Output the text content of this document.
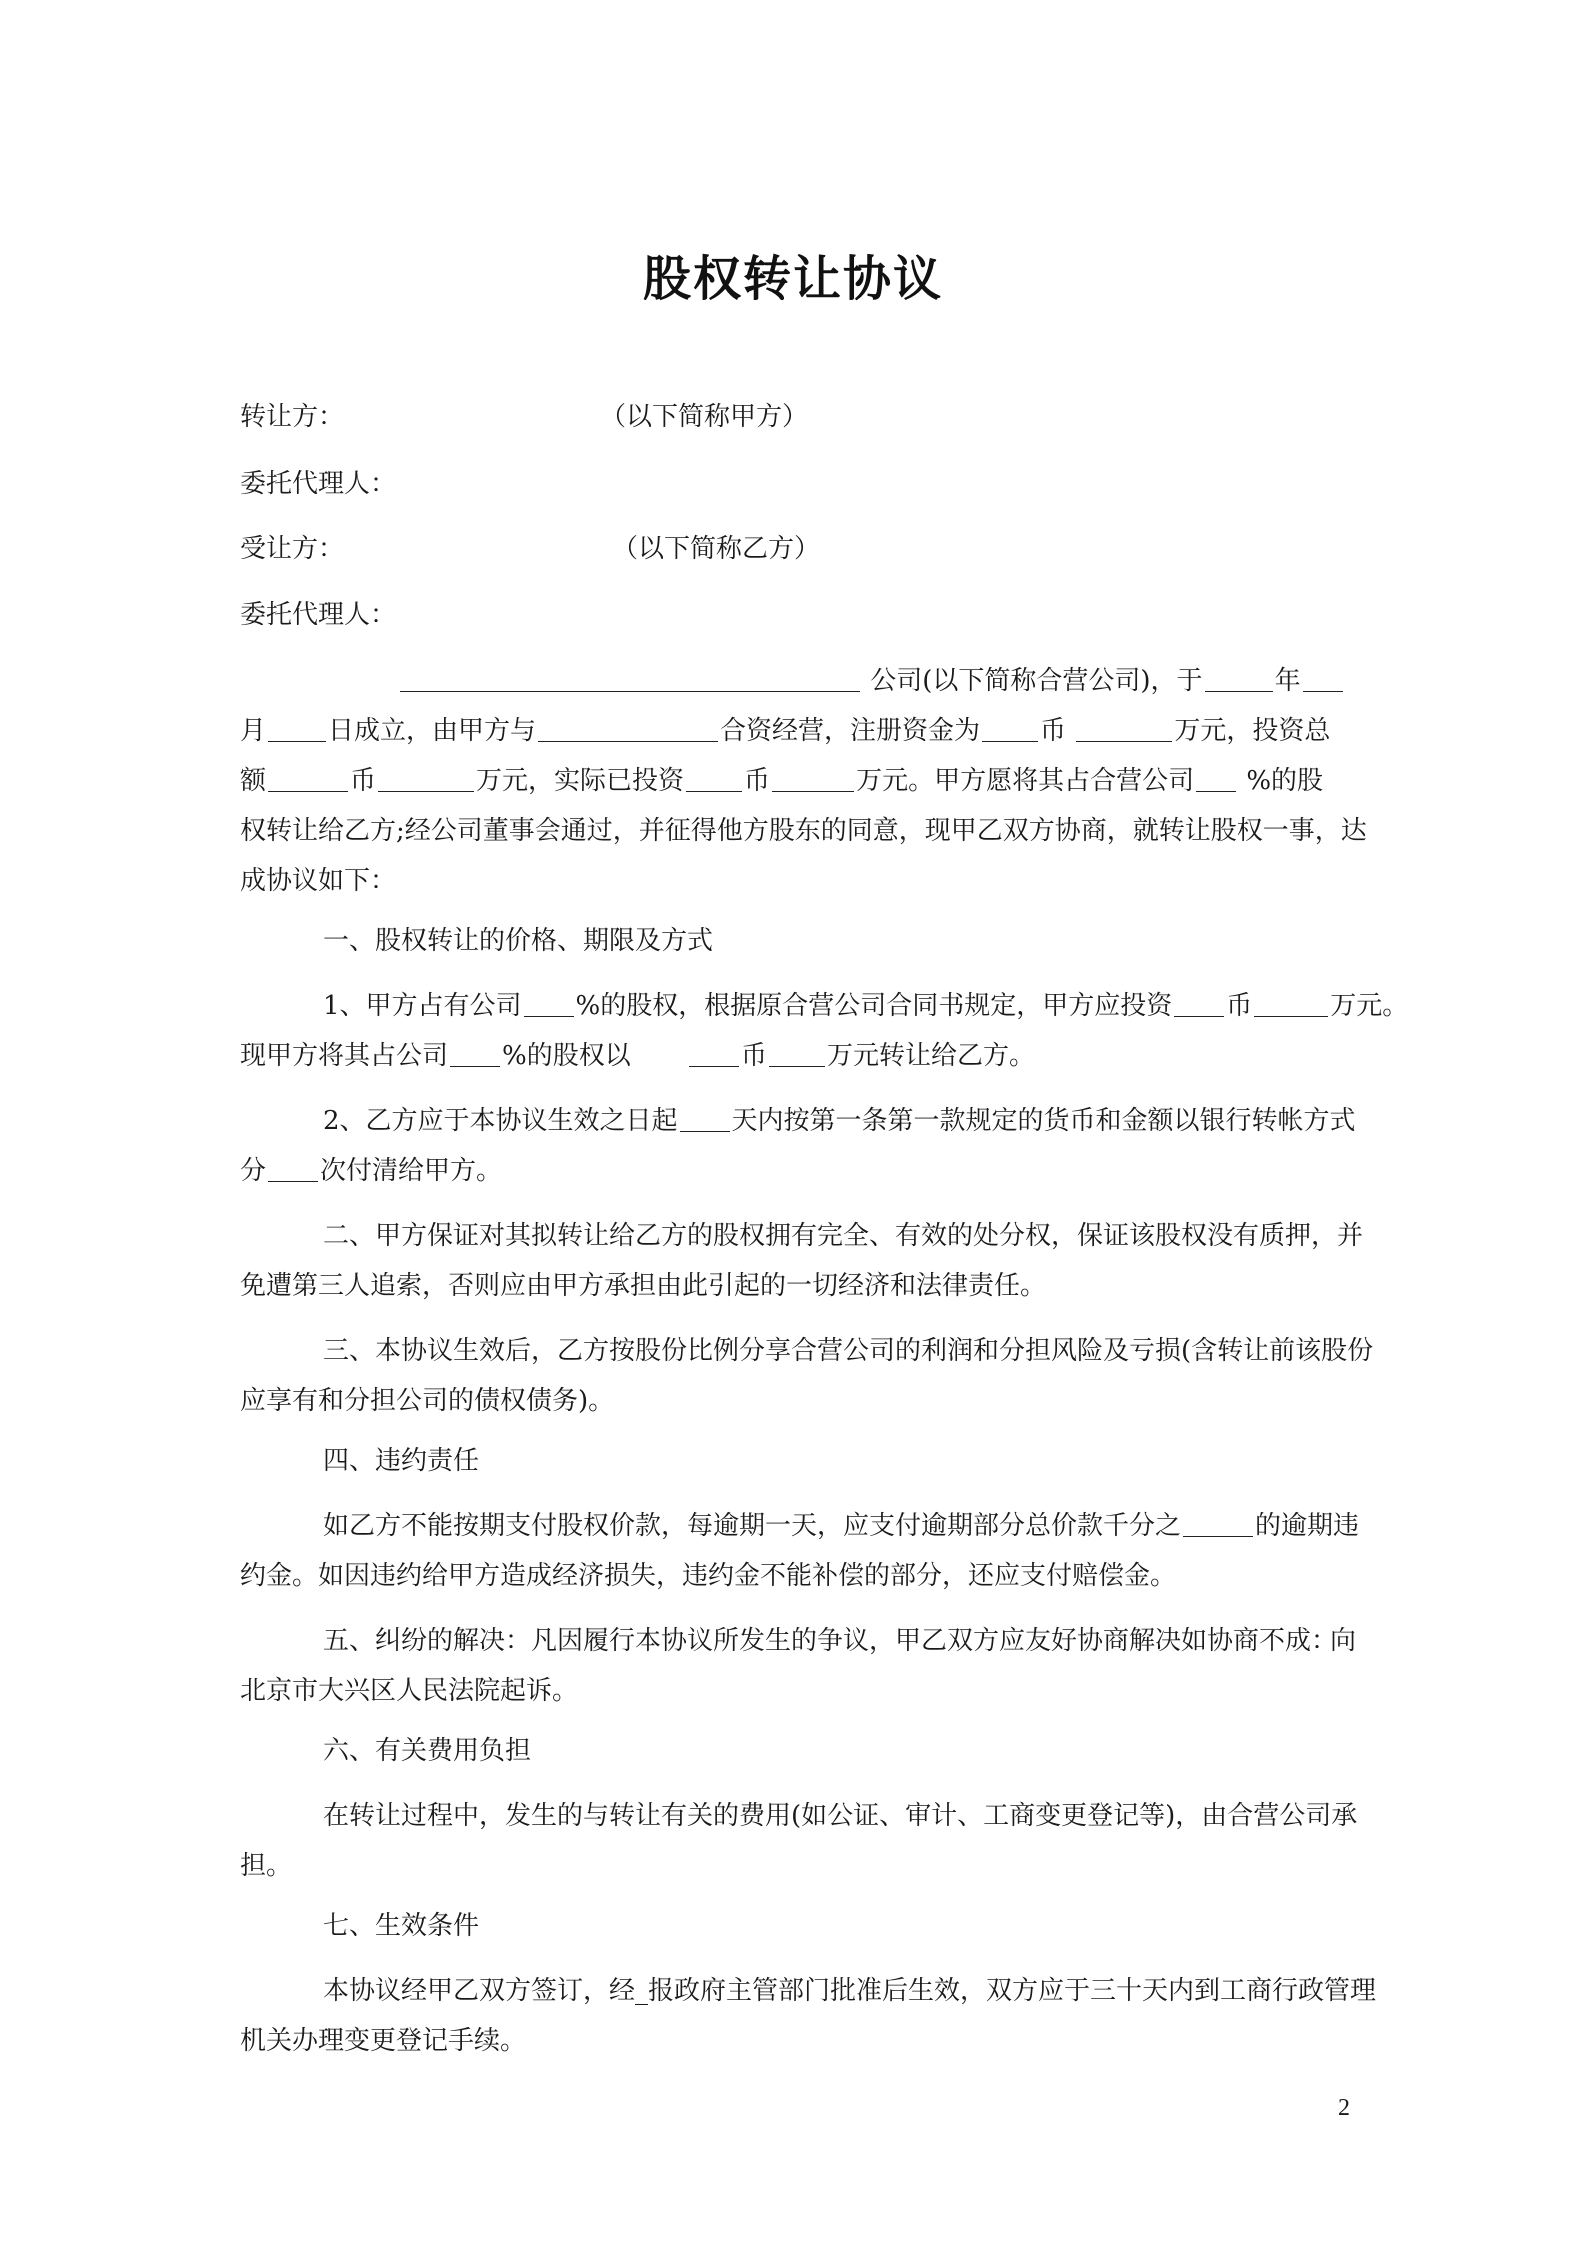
股权转让协议
转让方：	（以下简称甲方）
委托代理人：
受让方：	（以下简称乙方）
委托代理人：
公司(以下简称合营公司)，于	年
月 日成立，由甲方与	合资经营，注册资金为 币	万元，投资总
额	币	万元，实际已投资 币	万元。甲方愿将其占合营公司 %的股
权转让给乙方;经公司董事会通过，并征得他方股东的同意，现甲乙双方协商，就转让股权一事，达
成协议如下：
一、股权转让的价格、期限及方式
1、甲方占有公司 %的股权，根据原合营公司合同书规定，甲方应投资 币	万元。
现甲方将其占公司 %的股权以	币 万元转让给乙方。
2、乙方应于本协议生效之日起 天内按第一条第一款规定的货币和金额以银行转帐方式
分 次付清给甲方。
二、甲方保证对其拟转让给乙方的股权拥有完全、有效的处分权，保证该股权没有质押，并
免遭第三人追索，否则应由甲方承担由此引起的一切经济和法律责任。
三、本协议生效后，乙方按股份比例分享合营公司的利润和分担风险及亏损(含转让前该股份
应享有和分担公司的债权债务)。
四、违约责任
如乙方不能按期支付股权价款，每逾期一天，应支付逾期部分总价款千分之	的逾期违
约金。如因违约给甲方造成经济损失，违约金不能补偿的部分，还应支付赔偿金。
五、纠纷的解决：凡因履行本协议所发生的争议，甲乙双方应友好协商解决如协商不成：
向
北京市大兴区人民法院起诉。
六、有关费用负担
在转让过程中，发生的与转让有关的费用(如公证、审计、工商变更登记等)，由合营公司承
担。
七、生效条件
本协议经甲乙双方签订，经_报政府主管部门批准后生效，双方应于三十天内到工商行政管理
机关办理变更登记手续。
2
